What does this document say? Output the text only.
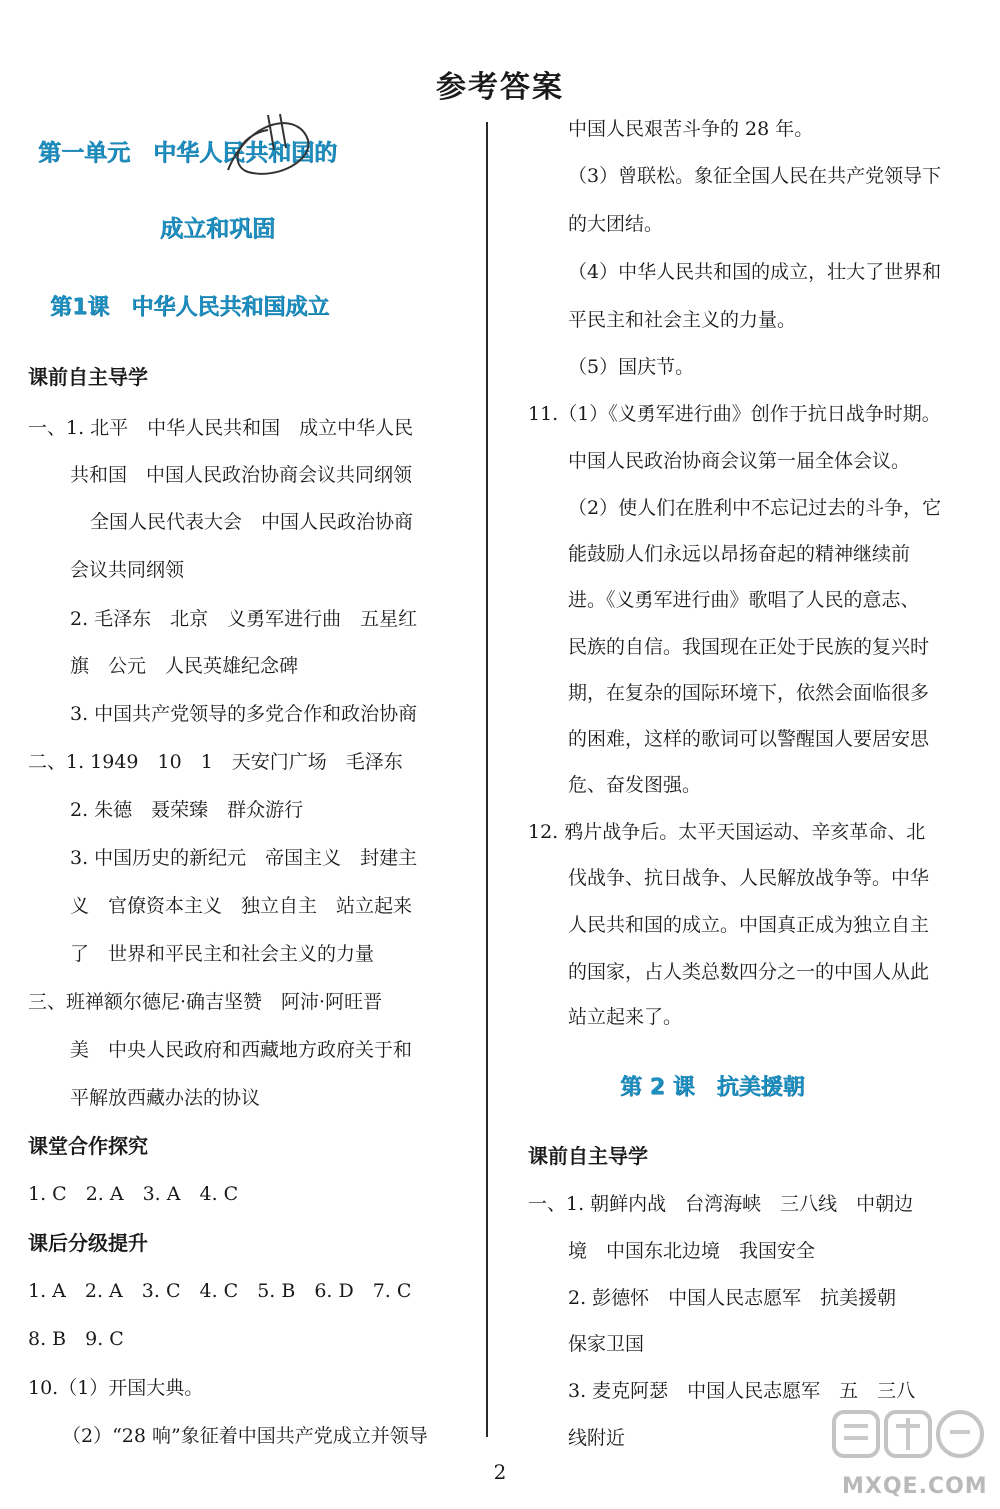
参考答案
第一单元　中华人民共和国的
成立和巩固
第1课　中华人民共和国成立
课前自主导学
一、1. 北平　中华人民共和国　成立中华人民
共和国　中国人民政治协商会议共同纲领
全国人民代表大会　中国人民政治协商
会议共同纲领
2. 毛泽东　北京　义勇军进行曲　五星红
旗　公元　人民英雄纪念碑
3. 中国共产党领导的多党合作和政治协商
二、1. 1949　10　1　天安门广场　毛泽东
2. 朱德　聂荣臻　群众游行
3. 中国历史的新纪元　帝国主义　封建主
义　官僚资本主义　独立自主　站立起来
了　世界和平民主和社会主义的力量
三、班禅额尔德尼·确吉坚赞　阿沛·阿旺晋
美　中央人民政府和西藏地方政府关于和
平解放西藏办法的协议
课堂合作探究
1. C　2. A　3. A　4. C
课后分级提升
1. A　2. A　3. C　4. C　5. B　6. D　7. C
8. B　9. C
10.（1）开国大典。
（2）“28 响”象征着中国共产党成立并领导
中国人民艰苦斗争的 28 年。
（3）曾联松。象征全国人民在共产党领导下
的大团结。
（4）中华人民共和国的成立，壮大了世界和
平民主和社会主义的力量。
（5）国庆节。
11.（1）《义勇军进行曲》创作于抗日战争时期。
中国人民政治协商会议第一届全体会议。
（2）使人们在胜利中不忘记过去的斗争，它
能鼓励人们永远以昂扬奋起的精神继续前
进。《义勇军进行曲》歌唱了人民的意志、
民族的自信。我国现在正处于民族的复兴时
期，在复杂的国际环境下，依然会面临很多
的困难，这样的歌词可以警醒国人要居安思
危、奋发图强。
12. 鸦片战争后。太平天国运动、辛亥革命、北
伐战争、抗日战争、人民解放战争等。中华
人民共和国的成立。中国真正成为独立自主
的国家，占人类总数四分之一的中国人从此
站立起来了。
第 2 课　抗美援朝
课前自主导学
一、1. 朝鲜内战　台湾海峡　三八线　中朝边
境　中国东北边境　我国安全
2. 彭德怀　中国人民志愿军　抗美援朝
保家卫国
3. 麦克阿瑟　中国人民志愿军　五　三八
线附近
2
MXQE.COM
